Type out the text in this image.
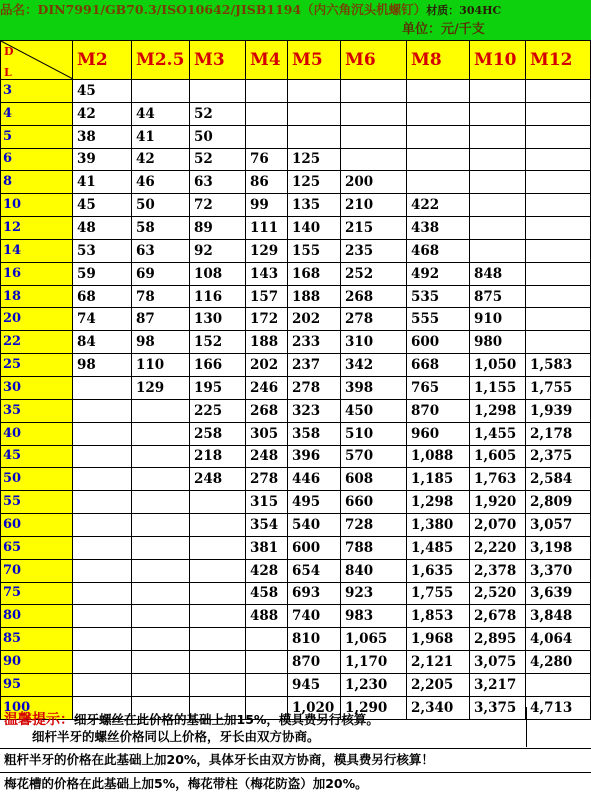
品名：DIN7991/GB70.3/ISO10642/JISB1194（内六角沉头机螺钉）材质：304HC
单位：元/千支
D
L	M2	M2.5	M3	M4	M5	M6	M8	M10	M12
3	45								
4	42	44	52						
5	38	41	50						
6	39	42	52	76	125				
8	41	46	63	86	125	200			
10	45	50	72	99	135	210	422		
12	48	58	89	111	140	215	438		
14	53	63	92	129	155	235	468		
16	59	69	108	143	168	252	492	848	
18	68	78	116	157	188	268	535	875	
20	74	87	130	172	202	278	555	910	
22	84	98	152	188	233	310	600	980	
25	98	110	166	202	237	342	668	1,050	1,583
30		129	195	246	278	398	765	1,155	1,755
35			225	268	323	450	870	1,298	1,939
40			258	305	358	510	960	1,455	2,178
45			218	248	396	570	1,088	1,605	2,375
50			248	278	446	608	1,185	1,763	2,584
55				315	495	660	1,298	1,920	2,809
60				354	540	728	1,380	2,070	3,057
65				381	600	788	1,485	2,220	3,198
70				428	654	840	1,635	2,378	3,370
75				458	693	923	1,755	2,520	3,639
80				488	740	983	1,853	2,678	3,848
85					810	1,065	1,968	2,895	4,064
90					870	1,170	2,121	3,075	4,280
95					945	1,230	2,205	3,217	
100					1,020	1,290	2,340	3,375	4,713
温馨提示：细牙螺丝在此价格的基础上加15%，模具费另行核算。
细杆半牙的螺丝价格同以上价格，牙长由双方协商。
粗杆半牙的价格在此基础上加20%，具体牙长由双方协商，模具费另行核算！
梅花槽的价格在此基础上加5%，梅花带柱（梅花防盗）加20%。
